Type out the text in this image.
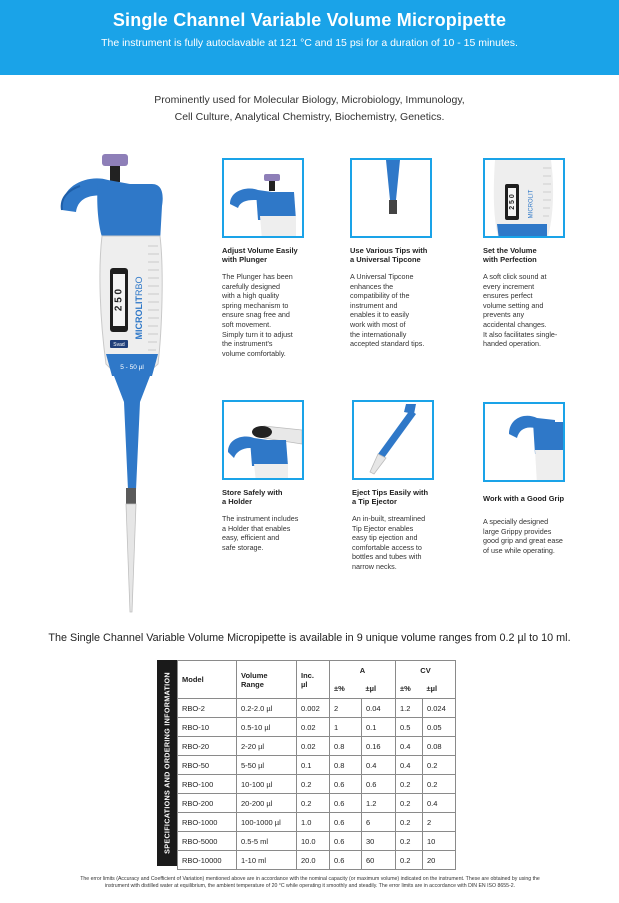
Single Channel Variable Volume Micropipette

The instrument is fully autoclavable at 121 °C and 15 psi for a duration of 10 - 15 minutes.

Prominently used for Molecular Biology, Microbiology, Immunology,
Cell Culture, Analytical Chemistry, Biochemistry, Genetics.
2 5 0 MICROLITRBO
Svad
5 - 50 µl
Adjust Volume Easily
with Plunger

The Plunger has been
carefully designed
with a high quality
spring mechanism to
ensure snag free and
soft movement.
Simply turn it to adjust
the instrument's
volume comfortably.

Use Various Tips with
a Universal Tipcone

A Universal Tipcone
enhances the
compatibility of the
instrument and
enables it to easily
work with most of
the internationally
accepted standard tips.

2 5 0 MICROLIT
Set the Volume
with Perfection

A soft click sound at
every increment
ensures perfect
volume setting and
prevents any
accidental changes.
It also facilitates single-
handed operation.

Store Safely with
a Holder

The instrument includes
a Holder that enables
easy, efficient and
safe storage.

Eject Tips Easily with
a Tip Ejector

An in-built, streamlined
Tip Ejector enables
easy tip ejection and
comfortable access to
bottles and tubes with
narrow necks.

Work with a Good Grip

A specially designed
large Grippy provides
good grip and great ease
of use while operating.

The Single Channel Variable Volume Micropipette is available in 9 unique volume ranges from 0.2 µl to 10 ml.
SPECIFICATIONS AND ORDERING INFORMATION Model	Volume
Range	Inc.
µl	A		CV	
			±%	±µl	±%	±µl
RBO-2	0.2-2.0 µl	0.002	2	0.04	1.2	0.024
RBO-10	0.5-10 µl	0.02	1	0.1	0.5	0.05
RBO-20	2-20 µl	0.02	0.8	0.16	0.4	0.08
RBO-50	5-50 µl	0.1	0.8	0.4	0.4	0.2
RBO-100	10-100 µl	0.2	0.6	0.6	0.2	0.2
RBO-200	20-200 µl	0.2	0.6	1.2	0.2	0.4
RBO-1000	100-1000 µl	1.0	0.6	6	0.2	2
RBO-5000	0.5-5 ml	10.0	0.6	30	0.2	10
RBO-10000	1-10 ml	20.0	0.6	60	0.2	20
The error limits (Accuracy and Coefficient of Variation) mentioned above are in accordance with the nominal capacity (or maximum volume) indicated on the instrument. These are obtained by using the
instrument with distilled water at equilibrium, the ambient temperature of 20 °C while operating it smoothly and steadily. The error limits are in accordance with DIN EN ISO 8655-2.
